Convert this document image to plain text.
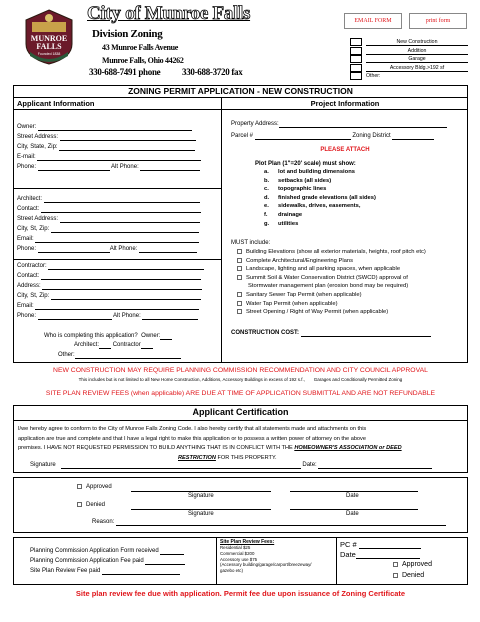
MUNROE
FALLS
Founded 1838
City of Munroe Falls
Division Zoning
43 Munroe Falls Avenue
Munroe Falls, Ohio 44262
330-688-7491 phone 330-688-3720 fax
EMAIL FORM	print form
New Construction
Addition
Garage
Accessory Bldg.>192 sf
Other:
ZONING PERMIT APPLICATION - NEW CONSTRUCTION
Applicant Information	Project Information
Owner:
Street Address:
City, State, Zip:
E-mail:
Phone:	Alt Phone:
Architect:
Contact:
Street Address:
City, St, Zip:
Email:
Phone:	Alt Phone:
Contractor:
Contact:
Address:
City, St, Zip:
Email:
Phone:	Alt Phone:
Who is completing this application? Owner:
Architect: Contractor
Other:
Property Address:
Parcel #	Zoning District
PLEASE ATTACH
Plot Plan (1"=20' scale) must show:
a. lot and building dimensions
b. setbacks (all sides)
c. topographic lines
d. finished grade elevations (all sides)
e. sidewalks, drives, easements,
f. drainage
g. utilities
MUST include:
Building Elevations (show all exterior materials, heights, roof pitch etc)
Complete Architectural/Engineering Plans
Landscape, lighting and all parking spaces, when applicable
Summit Soil & Water Conservation District (SWCD) approval of
Stormwater management plan (erosion bond may be required)
Sanitary Sewer Tap Permit (when applicable)
Water Tap Permit (when applicable)
Street Opening / Right of Way Permit (when applicable)
CONSTRUCTION COST:
NEW CONSTRUCTION MAY REQUIRE PLANNING COMMISSION RECOMMENDATION AND CITY COUNCIL APPROVAL
This includes but is not limited to all New Home Construction, Additions, Accessory Buildings in excess of 192 s.f.,       Garages and Conditionally Permitted Zoning
SITE PLAN REVIEW FEES (when applicable) ARE DUE AT TIME OF APPLICATION SUBMITTAL AND ARE NOT REFUNDABLE
Applicant Certification
I/we hereby agree to conform to the City of Munroe Falls Zoning Code. I also hereby certify that all statements made and attachments on this
application are true and complete and that I have a legal right to make this application or to possess a written power of attorney on the above
premises. I HAVE NOT REQUESTED PERMISSION TO BUILD ANYTHING THAT IS IN CONFLICT WITH THE HOMEOWNER'S ASSOCIATION or DEED
RESTRICTION FOR THIS PROPERTY.
Signature	Date:
Approved
Signature	Date
Denied
Signature	Date
Reason:
Planning Commission Application Form received
Planning Commission Application Fee paid
Site Plan Review Fee paid
Site Plan Review Fees:
Residential $25
Commercial $200
Accessory use $75
(Accessory building/garage/carport/breezeway/
gazebo etc)
PC #
Date
Approved
Denied
Site plan review fee due with application. Permit fee due upon issuance of Zoning Certificate
